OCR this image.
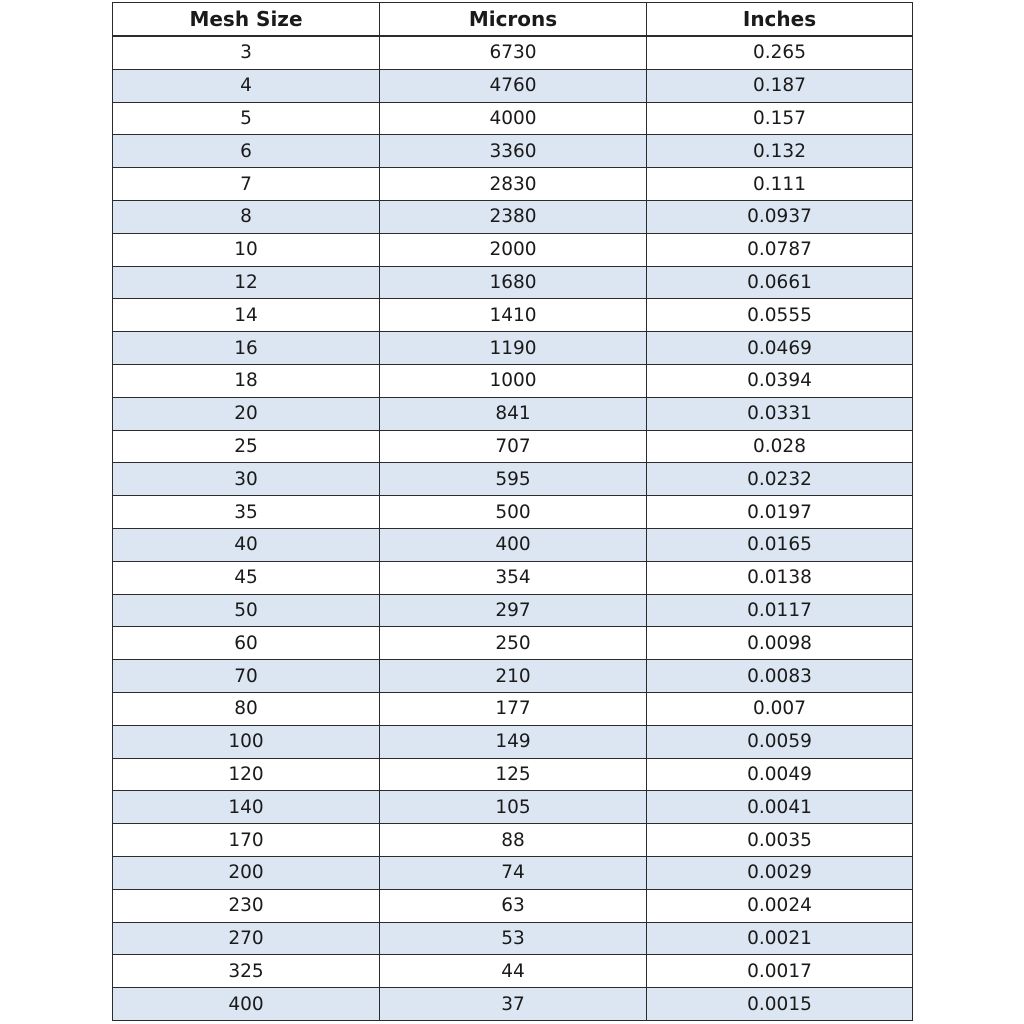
Mesh Size	Microns	Inches
3	6730	0.265
4	4760	0.187
5	4000	0.157
6	3360	0.132
7	2830	0.111
8	2380	0.0937
10	2000	0.0787
12	1680	0.0661
14	1410	0.0555
16	1190	0.0469
18	1000	0.0394
20	841	0.0331
25	707	0.028
30	595	0.0232
35	500	0.0197
40	400	0.0165
45	354	0.0138
50	297	0.0117
60	250	0.0098
70	210	0.0083
80	177	0.007
100	149	0.0059
120	125	0.0049
140	105	0.0041
170	88	0.0035
200	74	0.0029
230	63	0.0024
270	53	0.0021
325	44	0.0017
400	37	0.0015
